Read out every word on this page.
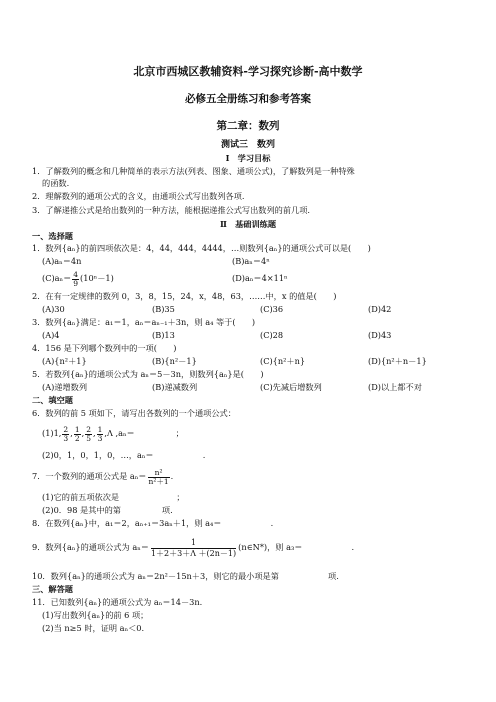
北京市西城区教辅资料-学习探究诊断-高中数学
必修五全册练习和参考答案
第二章：数列
测试三　数列
Ⅰ　学习目标
1．了解数列的概念和几种简单的表示方法(列表、图象、通项公式)，了解数列是一种特殊
的函数.
2．理解数列的通项公式的含义，由通项公式写出数列各项.
3．了解递推公式是给出数列的一种方法，能根据递推公式写出数列的前几项.
Ⅱ　基础训练题
一、选择题
1．数列{aₙ}的前四项依次是：4，44，444，4444，…则数列{aₙ}的通项公式可以是(　　)
(A)aₙ＝4n	(B)aₙ＝4ⁿ
$(C)a_n= \frac{4}{9} (10^n-1)$	(D)aₙ＝4×11ⁿ
2．在有一定规律的数列 0，3，8，15，24，x，48，63，……中，x 的值是(　　)
(A)30	(B)35	(C)36	(D)42
3．数列{aₙ}满足：a₁＝1，aₙ＝aₙ₋₁＋3n，则 a₄ 等于(　　)
(A)4	(B)13	(C)28	(D)43
4．156 是下列哪个数列中的一项(　　)
(A){n²＋1}	(B){n²－1}	(C){n²＋n}	(D){n²＋n－1}
5．若数列{aₙ}的通项公式为 aₙ＝5－3n，则数列{aₙ}是(　　)
(A)递增数列	(B)递减数列	(C)先减后增数列	(D)以上都不对
二、填空题
6．数列的前 5 项如下，请写出各数列的一个通项公式：
(1)1, $\frac{2}{3}$ , $\frac{1}{2}$ , $\frac{2}{5}$ , $\frac{1}{3} ,\Lambda$ ,aₙ＝　　　　　；
(2)0，1，0，1，0，…，aₙ＝　　　　　　.
7．一个数列的通项公式是 $a_n= \frac{\text{n²}}{\text{n²＋1}}$ .
(1)它的前五项依次是　　　　　　　；
(2)0．98 是其中的第　　　　　项.
8．在数列{aₙ}中，a₁＝2，aₙ₊₁＝3aₙ＋1，则 a₄＝　　　　　　.
9．数列{aₙ}的通项公式为 $a_n= \frac{1}{1+2+3+\Lambda +(2n-1)}$ (n∈N*)，则 a₃＝　　　　　　.
10．数列{aₙ}的通项公式为 aₙ＝2n²－15n＋3，则它的最小项是第　　　　　　项.
三、解答题
11．已知数列{aₙ}的通项公式为 aₙ＝14－3n.
(1)写出数列{aₙ}的前 6 项；
(2)当 n≥5 时，证明 aₙ＜0.
